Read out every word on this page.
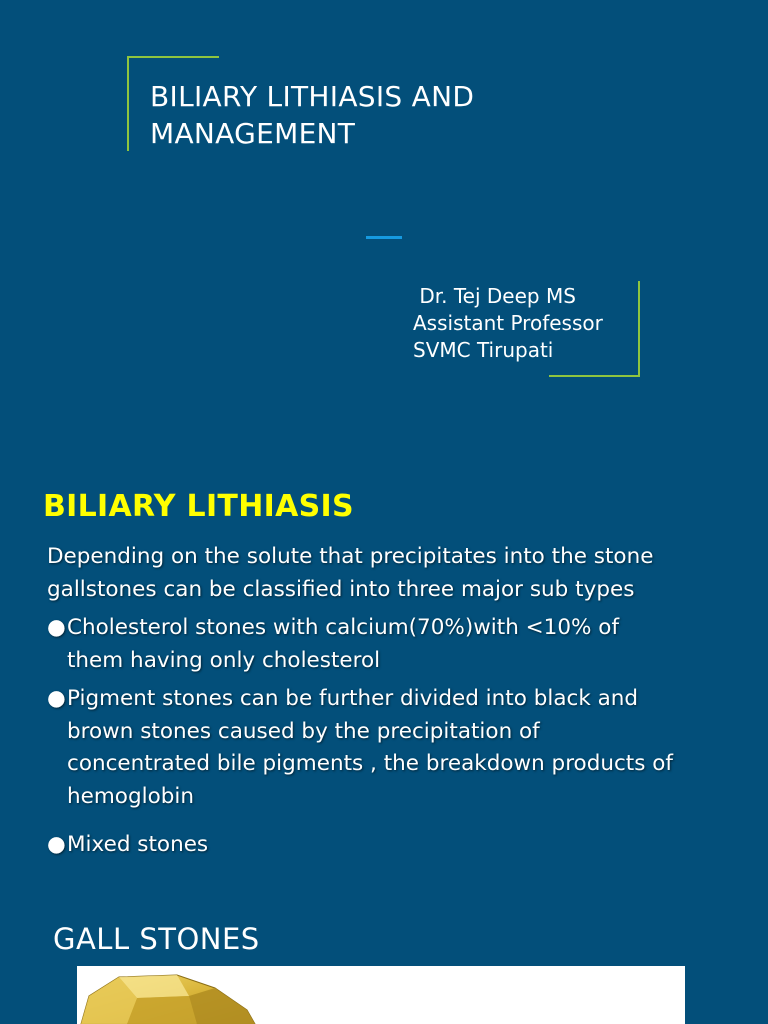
BILIARY LITHIASIS AND
MANAGEMENT
Dr. Tej Deep MS
Assistant Professor
SVMC Tirupati
BILIARY LITHIASIS
Depending on the solute that precipitates into the stone
gallstones can be classified into three major sub types
● Cholesterol stones with calcium(70%)with <10% of
them having only cholesterol
● Pigment stones can be further divided into black and
brown stones caused by the precipitation of
concentrated bile pigments , the breakdown products of
hemoglobin
● Mixed stones
GALL STONES
